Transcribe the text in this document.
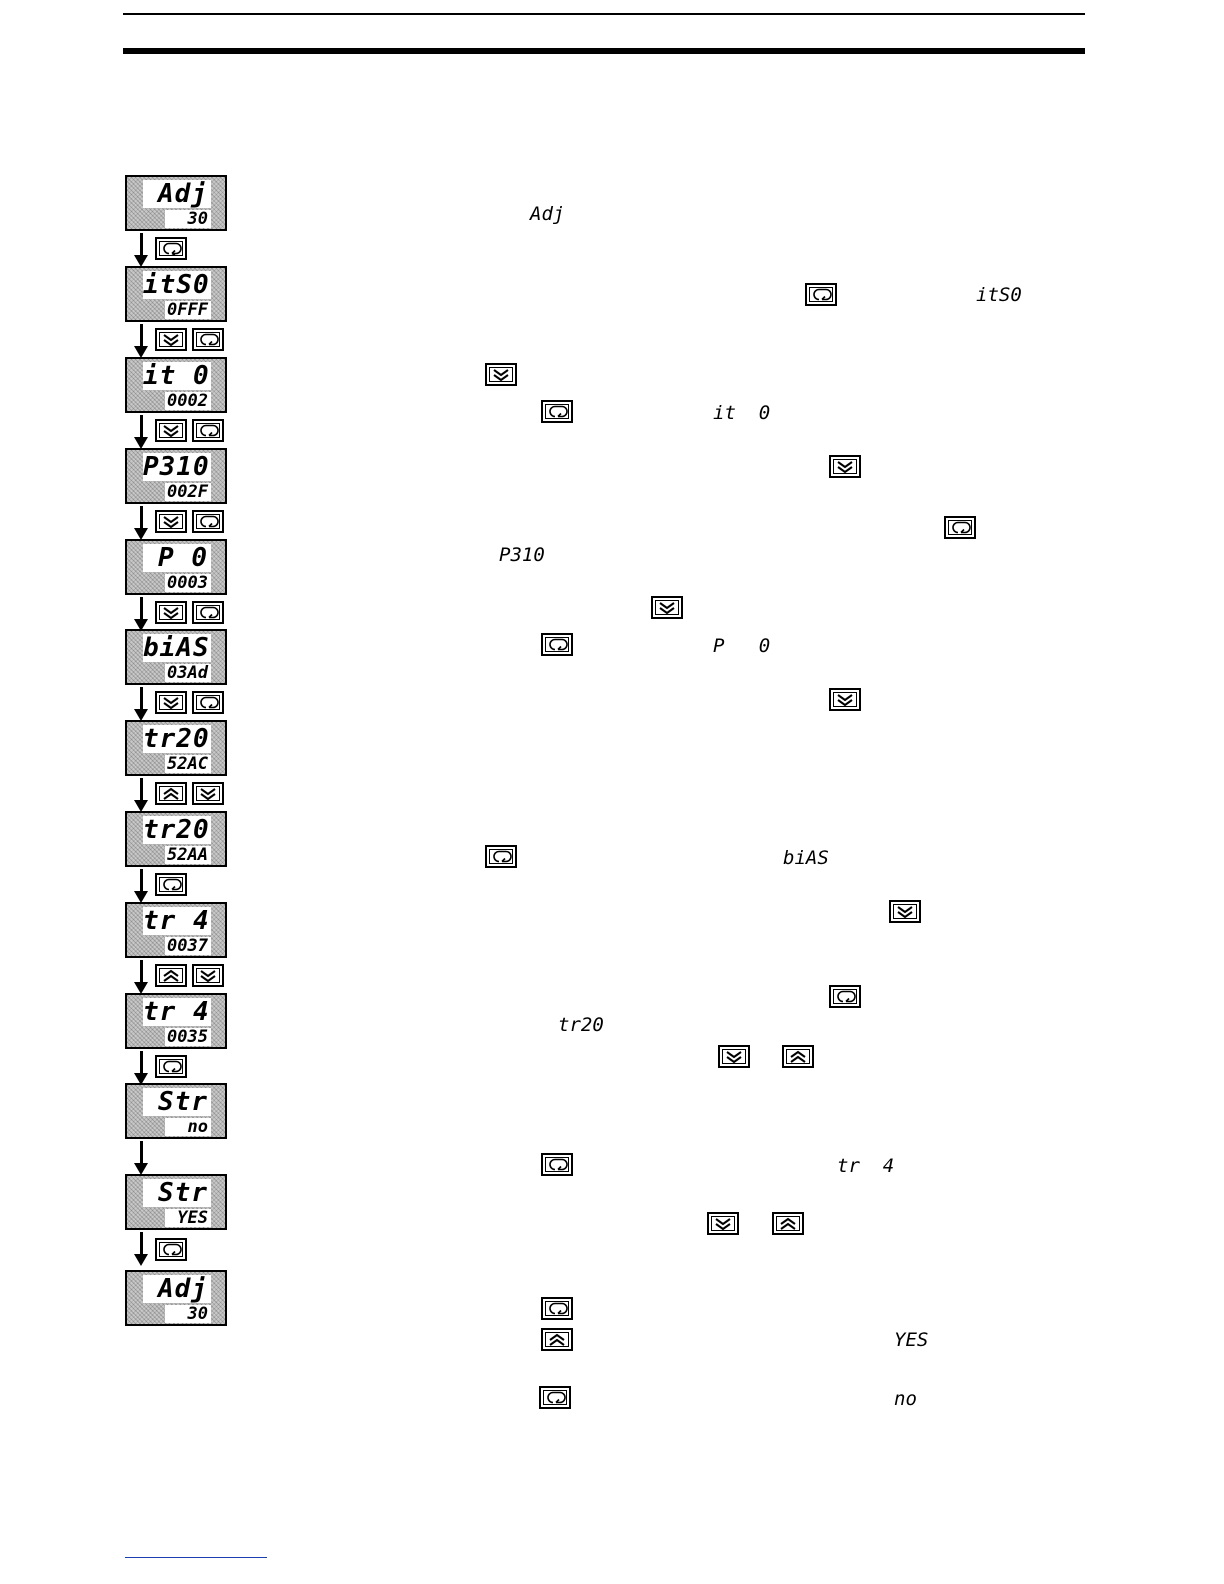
Adj
30
itS0
0FFF
it 0
0002
P310
002F
P 0
0003
biAS
03Ad
tr20
52AC
tr20
52AA
tr 4
0037
tr 4
0035
Str
no
Str
YES
Adj
30
Adj
itS0
it  0
P310
P   0
biAS
tr20
tr  4
YES
no
